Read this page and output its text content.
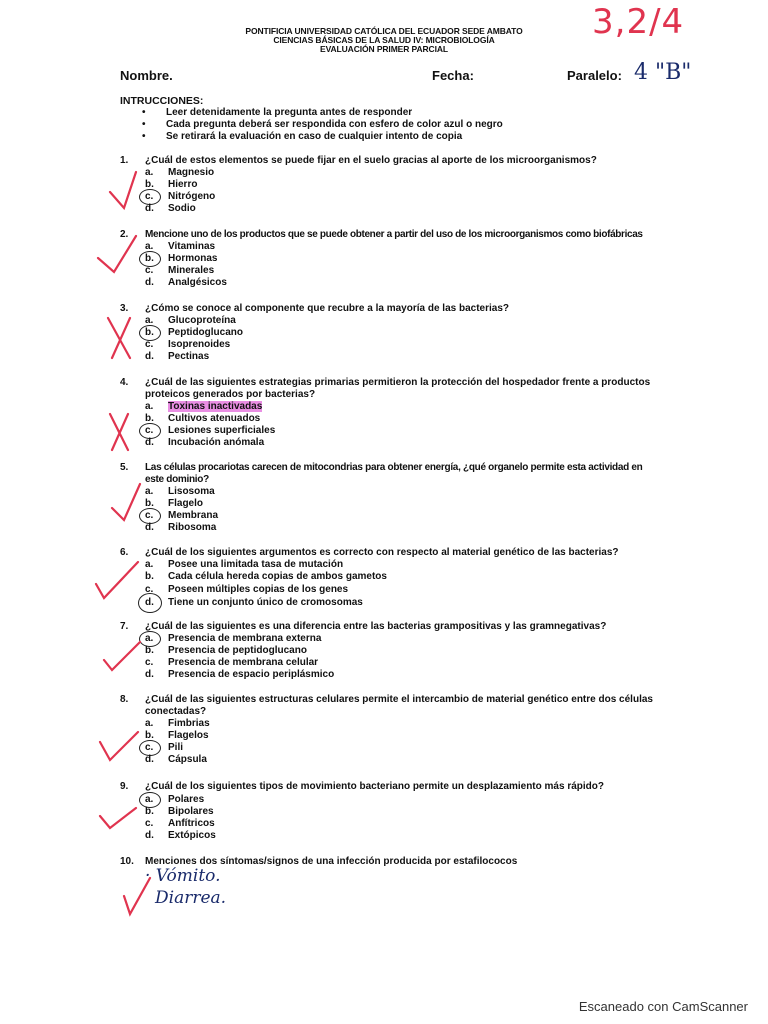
3,2/4
PONTIFICIA UNIVERSIDAD CATÓLICA DEL ECUADOR SEDE AMBATO
CIENCIAS BÁSICAS DE LA SALUD IV: MICROBIOLOGÍA
EVALUACIÓN PRIMER PARCIAL
Nombre.	Fecha:	Paralelo: 4 "B"
INTRUCCIONES:
• Leer detenidamente la pregunta antes de responder
• Cada pregunta deberá ser respondida con esfero de color azul o negro
• Se retirará la evaluación en caso de cualquier intento de copia
1. ¿Cuál de estos elementos se puede fijar en el suelo gracias al aporte de los microorganismos?
a. Magnesio
b. Hierro
c. Nitrógeno
d. Sodio
2. Mencione uno de los productos que se puede obtener a partir del uso de los microorganismos como biofábricas
a. Vitaminas
b. Hormonas
c. Minerales
d. Analgésicos
3. ¿Cómo se conoce al componente que recubre a la mayoría de las bacterias?
a. Glucoproteína
b. Peptidoglucano
c. Isoprenoides
d. Pectinas
4. ¿Cuál de las siguientes estrategias primarias permitieron la protección del hospedador frente a productos proteicos generados por bacterias?
a. Toxinas inactivadas
b. Cultivos atenuados
c. Lesiones superficiales
d. Incubación anómala
5. Las células procariotas carecen de mitocondrias para obtener energía, ¿qué organelo permite esta actividad en este dominio?
a. Lisosoma
b. Flagelo
c. Membrana
d. Ribosoma
6. ¿Cuál de los siguientes argumentos es correcto con respecto al material genético de las bacterias?
a. Posee una limitada tasa de mutación
b. Cada célula hereda copias de ambos gametos
c. Poseen múltiples copias de los genes
d. Tiene un conjunto único de cromosomas
7. ¿Cuál de las siguientes es una diferencia entre las bacterias grampositivas y las gramnegativas?
a. Presencia de membrana externa
b. Presencia de peptidoglucano
c. Presencia de membrana celular
d. Presencia de espacio periplásmico
8. ¿Cuál de las siguientes estructuras celulares permite el intercambio de material genético entre dos células conectadas?
a. Fimbrias
b. Flagelos
c. Pili
d. Cápsula
9. ¿Cuál de los siguientes tipos de movimiento bacteriano permite un desplazamiento más rápido?
a. Polares
b. Bipolares
c. Anfítricos
d. Extópicos
10. Menciones dos síntomas/signos de una infección producida por estafilococos
· Vómito.
Diarrea.
Escaneado con CamScanner
